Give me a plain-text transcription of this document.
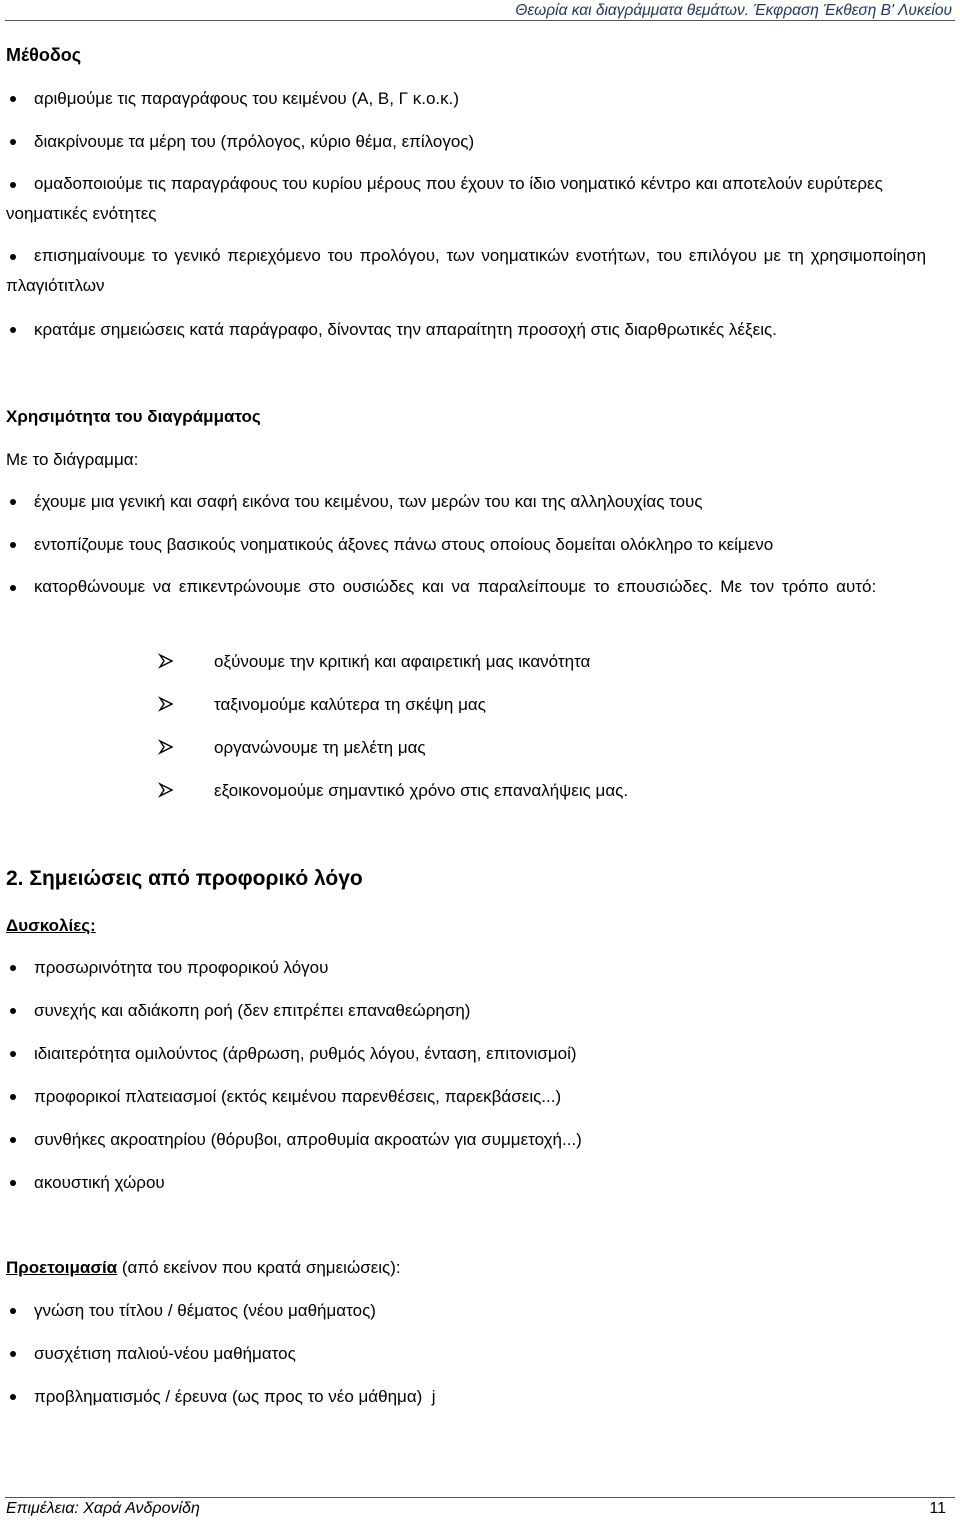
Θεωρία και διαγράμματα θεμάτων. Έκφραση Έκθεση Β' Λυκείου
Μέθοδος
αριθμούμε τις παραγράφους του κειμένου (Α, Β, Γ κ.ο.κ.)
διακρίνουμε τα μέρη του (πρόλογος, κύριο θέμα, επίλογος)
ομαδοποιούμε τις παραγράφους του κυρίου μέρους που έχουν το ίδιο νοηματικό κέντρο και αποτελούν ευρύτερες νοηματικές ενότητες
επισημαίνουμε το γενικό περιεχόμενο του προλόγου, των νοηματικών ενοτήτων, του επιλόγου με τη χρησιμοποίηση πλαγιότιτλων
κρατάμε σημειώσεις κατά παράγραφο, δίνοντας την απαραίτητη προσοχή στις διαρθρωτικές λέξεις.
Χρησιμότητα του διαγράμματος
Με το διάγραμμα:
έχουμε μια γενική και σαφή εικόνα του κειμένου, των μερών του και της αλληλουχίας τους
εντοπίζουμε τους βασικούς νοηματικούς άξονες πάνω στους οποίους δομείται ολόκληρο το κείμενο
κατορθώνουμε να επικεντρώνουμε στο ουσιώδες και να παραλείπουμε το επουσιώδες. Με τον τρόπο αυτό:
οξύνουμε την κριτική και αφαιρετική μας ικανότητα
ταξινομούμε καλύτερα τη σκέψη μας
οργανώνουμε τη μελέτη μας
εξοικονομούμε σημαντικό χρόνο στις επαναλήψεις μας.
2. Σημειώσεις από προφορικό λόγο
Δυσκολίες:
προσωρινότητα του προφορικού λόγου
συνεχής και αδιάκοπη ροή (δεν επιτρέπει επαναθεώρηση)
ιδιαιτερότητα ομιλούντος (άρθρωση, ρυθμός λόγου, ένταση, επιτονισμοί)
προφορικοί πλατειασμοί (εκτός κειμένου παρενθέσεις, παρεκβάσεις...)
συνθήκες ακροατηρίου (θόρυβοι, απροθυμία ακροατών για συμμετοχή...)
ακουστική χώρου
Προετοιμασία (από εκείνον που κρατά σημειώσεις):
γνώση του τίτλου / θέματος (νέου μαθήματος)
συσχέτιση παλιού-νέου μαθήματος
προβληματισμός / έρευνα (ως προς το νέο μάθημα)  j
Επιμέλεια: Χαρά Ανδρονίδη	11
